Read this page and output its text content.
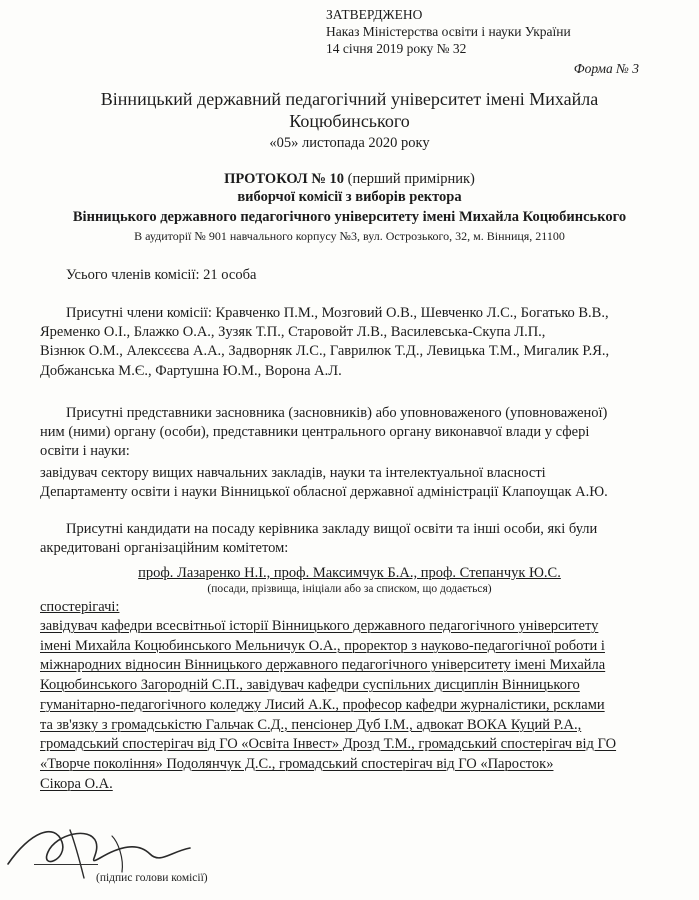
ЗАТВЕРДЖЕНО
Наказ Міністерства освіти і науки України
14 січня 2019 року № 32
Форма № 3
Вінницький державний педагогічний університет імені Михайла
Коцюбинського
«05» листопада 2020 року
ПРОТОКОЛ № 10 (перший примірник)
виборчої комісії з виборів ректора
Вінницького державного педагогічного університету імені Михайла Коцюбинського
В аудиторії № 901 навчального корпусу №3, вул. Острозького, 32, м. Вінниця, 21100
Усього членів комісії: 21 особа
Присутні члени комісії: Кравченко П.М., Мозговий О.В., Шевченко Л.С., Богатько В.В.,
Яременко О.І., Блажко О.А., Зузяк Т.П., Старовойт Л.В., Василевська-Скупа Л.П.,
Візнюк О.М., Алексєєва А.А., Задворняк Л.С., Гаврилюк Т.Д., Левицька Т.М., Мигалик Р.Я.,
Добжанська М.Є., Фартушна Ю.М., Ворона А.Л.
Присутні представники засновника (засновників) або уповноваженого (уповноваженої)
ним (ними) органу (особи), представники центрального органу виконавчої влади у сфері
освіти і науки:
завідувач сектору вищих навчальних закладів, науки та інтелектуальної власності
Департаменту освіти і науки Вінницької обласної державної адміністрації Клапоущак А.Ю.
Присутні кандидати на посаду керівника закладу вищої освіти та інші особи, які були
акредитовані організаційним комітетом:
проф. Лазаренко Н.І., проф. Максимчук Б.А., проф. Степанчук Ю.С.
(посади, прізвища, ініціали або за списком, що додається)
спостерігачі:
завідувач кафедри всесвітньої історії Вінницького державного педагогічного університету
імені Михайла Коцюбинського Мельничук О.А., проректор з науково-педагогічної роботи і
міжнародних відносин Вінницького державного педагогічного університету імені Михайла
Коцюбинського Загородній С.П., завідувач кафедри суспільних дисциплін Вінницького
гуманітарно-педагогічного коледжу Лисий А.К., професор кафедри журналістики, рсклами
та зв'язку з громадськістю Гальчак С.Д., пенсіонер Дуб І.М., адвокат ВОКА Куций Р.А.,
громадський спостерігач від ГО «Освіта Інвест» Дрозд Т.М., громадський спостерігач від ГО
«Творче покоління» Подолянчук Д.С., громадський спостерігач від ГО «Паросток»
Сікора О.А.
(підпис голови комісії)
